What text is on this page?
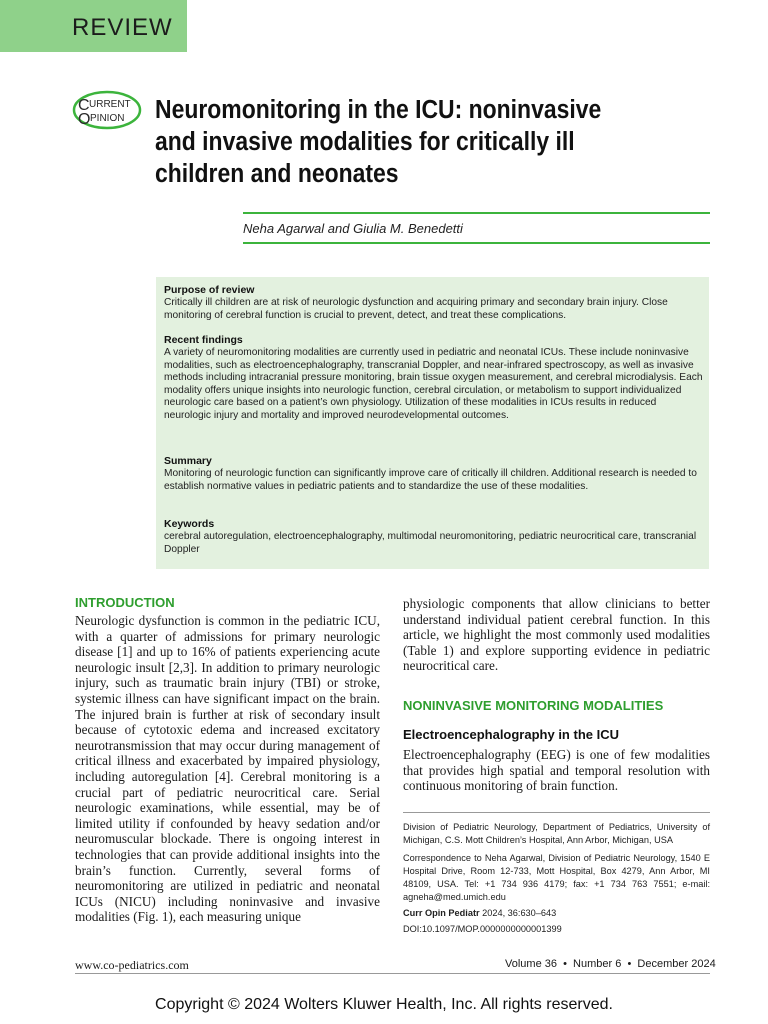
REVIEW
C URRENT
O PINION Neuromonitoring in the ICU: noninvasive and invasive modalities for critically ill children and neonates
Neha Agarwal and Giulia M. Benedetti
Purpose of review
Critically ill children are at risk of neurologic dysfunction and acquiring primary and secondary brain injury. Close monitoring of cerebral function is crucial to prevent, detect, and treat these complications.
Recent findings
A variety of neuromonitoring modalities are currently used in pediatric and neonatal ICUs. These include noninvasive modalities, such as electroencephalography, transcranial Doppler, and near-infrared spectroscopy, as well as invasive methods including intracranial pressure monitoring, brain tissue oxygen measurement, and cerebral microdialysis. Each modality offers unique insights into neurologic function, cerebral circulation, or metabolism to support individualized neurologic care based on a patient’s own physiology. Utilization of these modalities in ICUs results in reduced neurologic injury and mortality and improved neurodevelopmental outcomes.
Summary
Monitoring of neurologic function can significantly improve care of critically ill children. Additional research is needed to establish normative values in pediatric patients and to standardize the use of these modalities.
Keywords
cerebral autoregulation, electroencephalography, multimodal neuromonitoring, pediatric neurocritical care, transcranial Doppler
INTRODUCTION
Neurologic dysfunction is common in the pediatric ICU, with a quarter of admissions for primary neurologic disease [1] and up to 16% of patients experiencing acute neurologic insult [2,3]. In addition to primary neurologic injury, such as traumatic brain injury (TBI) or stroke, systemic illness can have significant impact on the brain. The injured brain is further at risk of secondary insult because of cytotoxic edema and increased excitatory neurotransmission that may occur during management of critical illness and exacerbated by impaired physiology, including autoregulation [4]. Cerebral monitoring is a crucial part of pediatric neurocritical care. Serial neurologic examinations, while essential, may be of limited utility if confounded by heavy sedation and/or neuromuscular blockade. There is ongoing interest in technologies that can provide additional insights into the brain’s function. Currently, several forms of neuromonitoring are utilized in pediatric and neonatal ICUs (NICU) including noninvasive and invasive modalities (Fig. 1), each measuring unique
physiologic components that allow clinicians to better understand individual patient cerebral function. In this article, we highlight the most commonly used modalities (Table 1) and explore supporting evidence in pediatric neurocritical care.
NONINVASIVE MONITORING MODALITIES
Electroencephalography in the ICU
Electroencephalography (EEG) is one of few modalities that provides high spatial and temporal resolution with continuous monitoring of brain function.
Division of Pediatric Neurology, Department of Pediatrics, University of Michigan, C.S. Mott Children’s Hospital, Ann Arbor, Michigan, USA
Correspondence to Neha Agarwal, Division of Pediatric Neurology, 1540 E Hospital Drive, Room 12-733, Mott Hospital, Box 4279, Ann Arbor, MI 48109, USA. Tel: +1 734 936 4179; fax: +1 734 763 7551; e-mail: agneha@med.umich.edu
Curr Opin Pediatr 2024, 36:630–643
DOI:10.1097/MOP.0000000000001399
www.co-pediatrics.com	Volume 36  •  Number 6  •  December 2024
Copyright © 2024 Wolters Kluwer Health, Inc. All rights reserved.
